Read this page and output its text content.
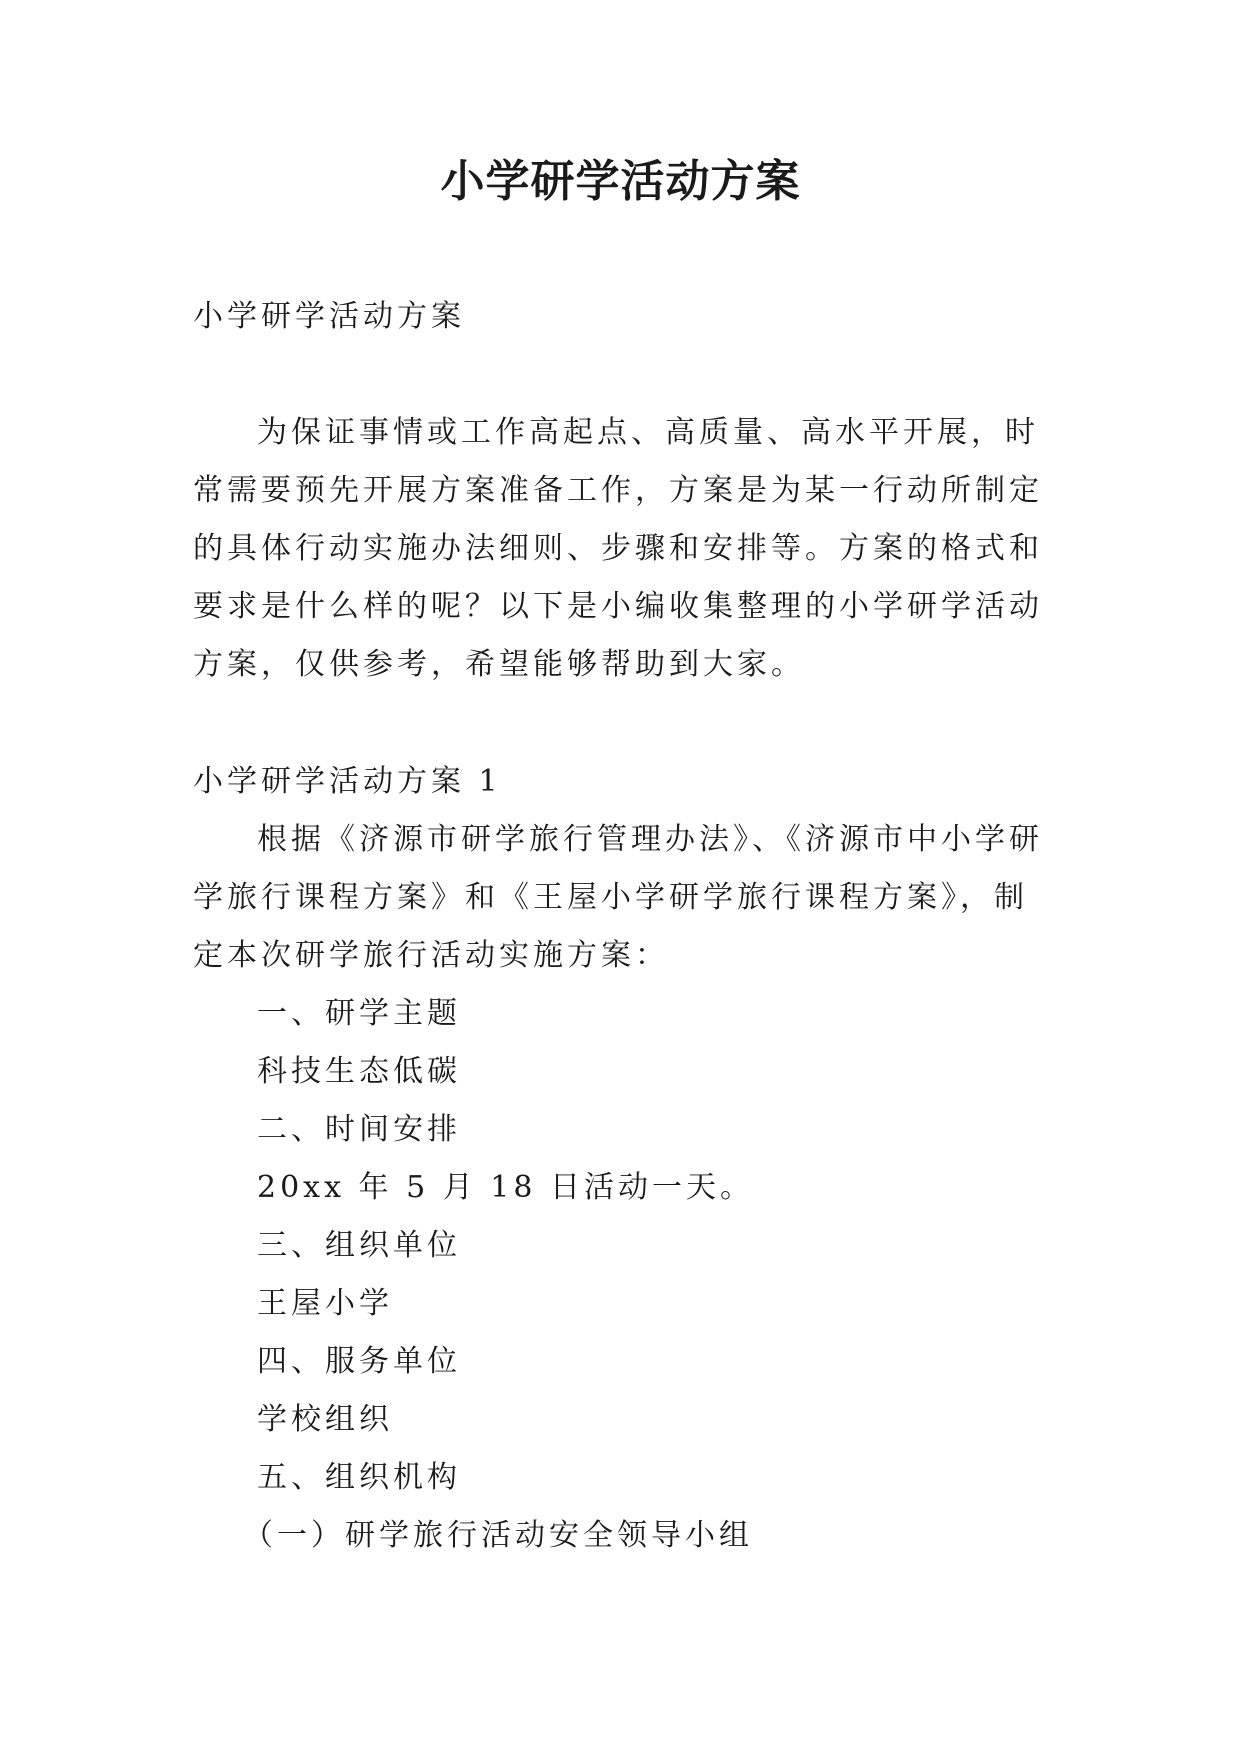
小学研学活动方案
小学研学活动方案
为保证事情或工作高起点、高质量、高水平开展，时常需要预先开展方案准备工作，方案是为某一行动所制定的具体行动实施办法细则、步骤和安排等。方案的格式和要求是什么样的呢？以下是小编收集整理的小学研学活动方案，仅供参考，希望能够帮助到大家。

小学研学活动方案 1

根据《济源市研学旅行管理办法》、《济源市中小学研学旅行课程方案》和《王屋小学研学旅行课程方案》，制定本次研学旅行活动实施方案：

一、研学主题

科技生态低碳

二、时间安排

20xx 年 5 月 18 日活动一天。

三、组织单位

王屋小学

四、服务单位

学校组织

五、组织机构

（一）研学旅行活动安全领导小组
